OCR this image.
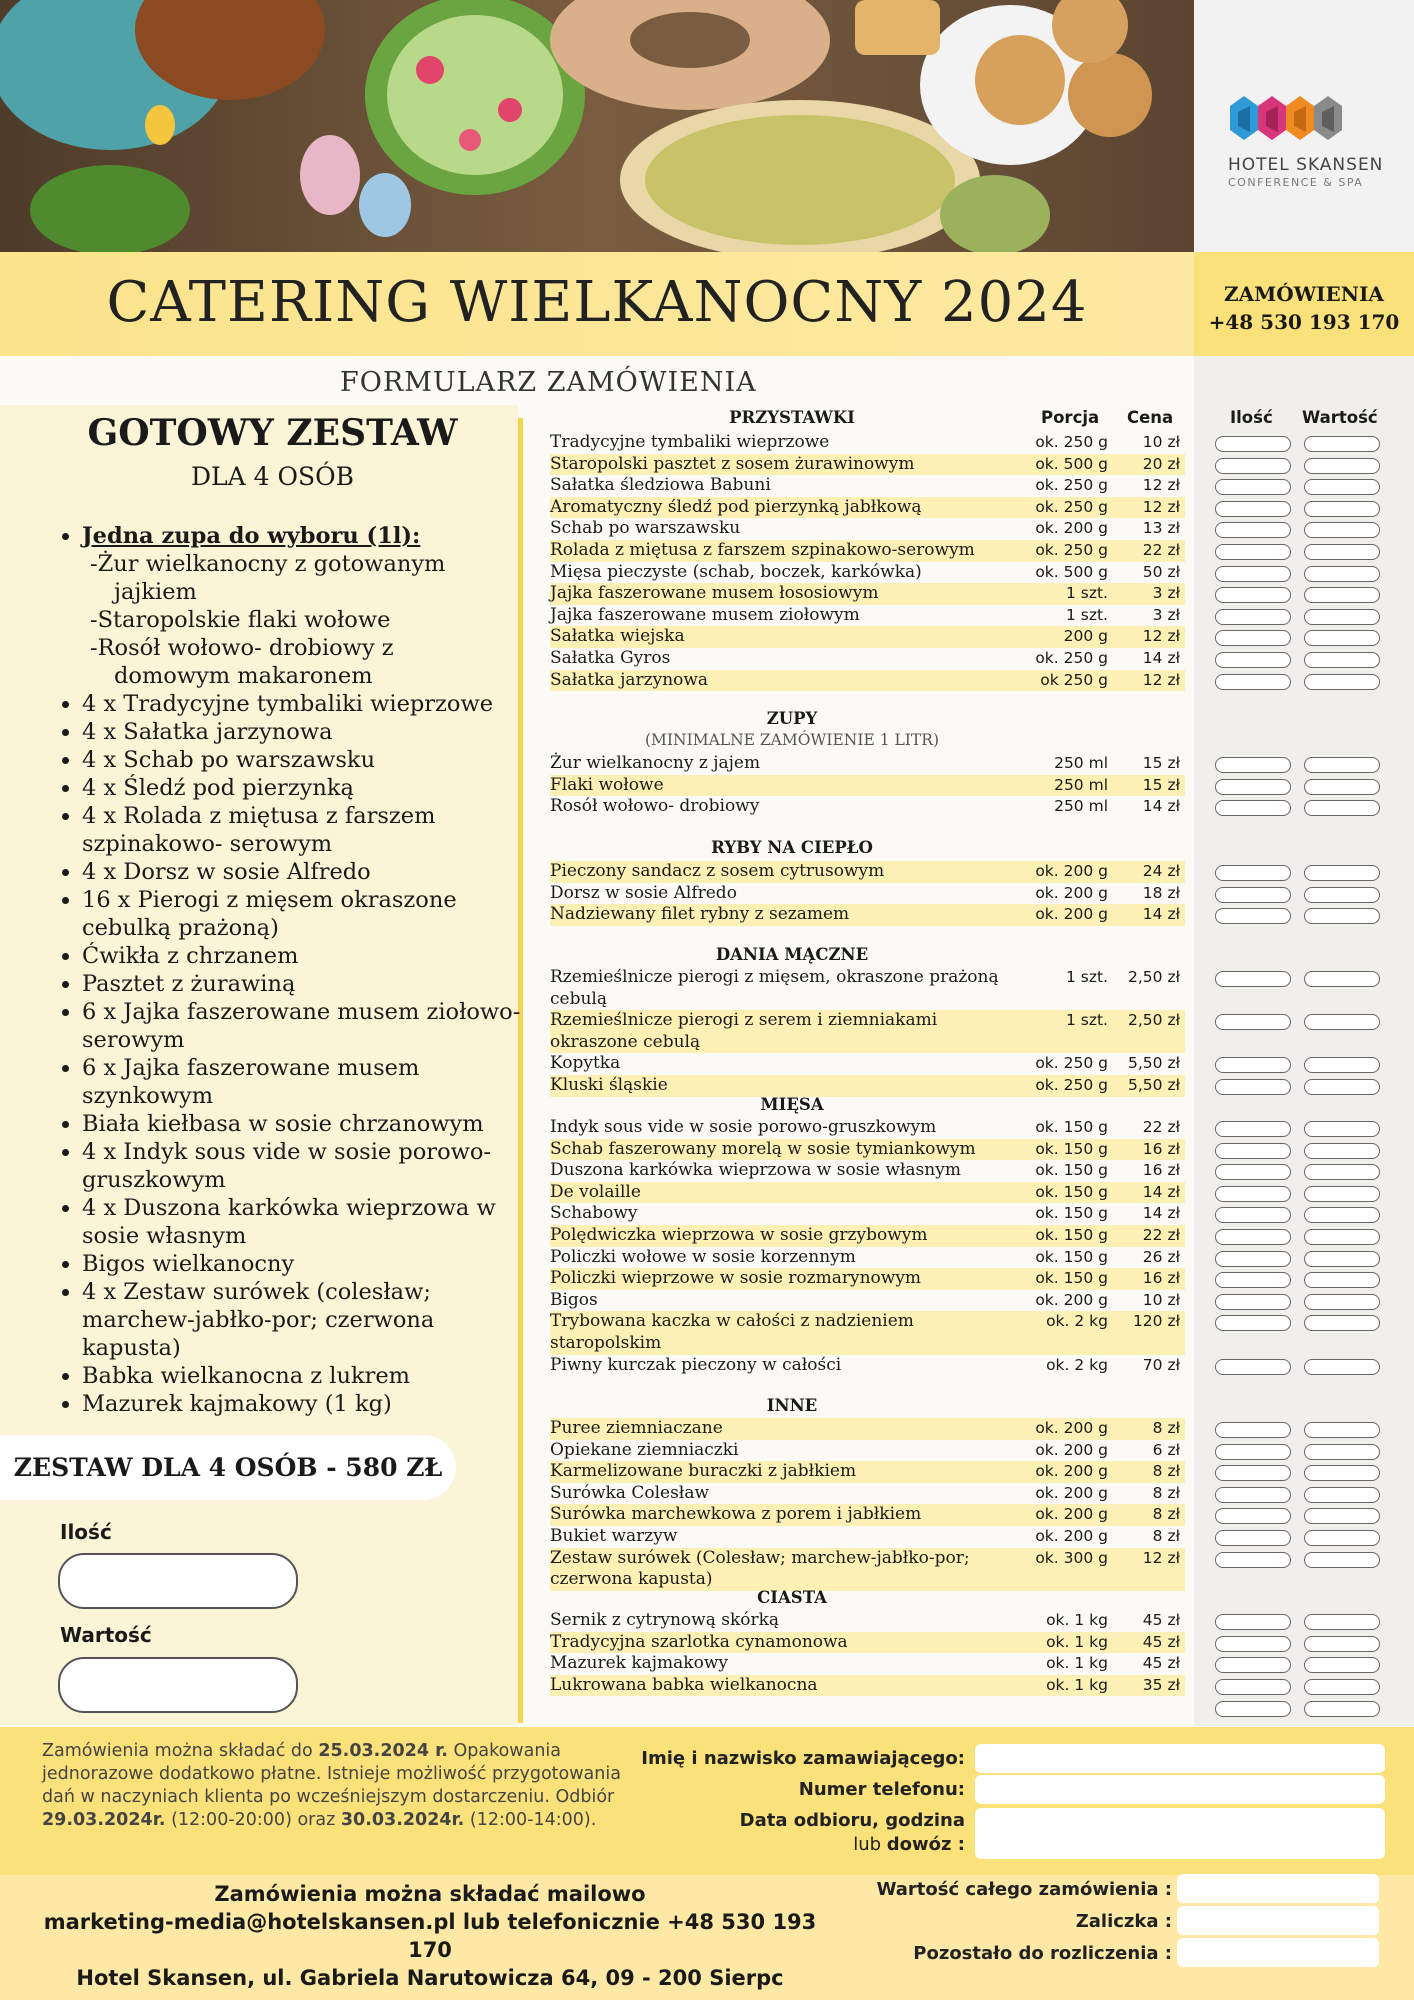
HOTEL SKANSEN
CONFERENCE & SPA
CATERING WIELKANOCNY 2024	ZAMÓWIENIA
+48 530 193 170
FORMULARZ ZAMÓWIENIA
GOTOWY ZESTAW
DLA 4 OSÓB
• Jedna zupa do wyboru (1l):
-Żur wielkanocny z gotowanym
jajkiem
-Staropolskie flaki wołowe
-Rosół wołowo- drobiowy z
domowym makaronem
• 4 x Tradycyjne tymbaliki wieprzowe
• 4 x Sałatka jarzynowa
• 4 x Schab po warszawsku
• 4 x Śledź pod pierzynką
• 4 x Rolada z miętusa z farszem szpinakowo- serowym
• 4 x Dorsz w sosie Alfredo
• 16 x Pierogi z mięsem okraszone cebulką prażoną)
• Ćwikła z chrzanem
• Pasztet z żurawiną
• 6 x Jajka faszerowane musem ziołowo-serowym
• 6 x Jajka faszerowane musem szynkowym
• Biała kiełbasa w sosie chrzanowym
• 4 x Indyk sous vide w sosie porowo-gruszkowym
• 4 x Duszona karkówka wieprzowa w sosie własnym
• Bigos wielkanocny
• 4 x Zestaw surówek (colesław; marchew-jabłko-por; czerwona kapusta)
• Babka wielkanocna z lukrem
• Mazurek kajmakowy (1 kg)
ZESTAW DLA 4 OSÓB - 580 ZŁ
Ilość
Wartość
Porcja Cena	Ilość Wartość
PRZYSTAWKI
Tradycyjne tymbaliki wieprzowe	ok. 250 g	10 zł
Staropolski pasztet z sosem żurawinowym	ok. 500 g	20 zł
Sałatka śledziowa Babuni	ok. 250 g	12 zł
Aromatyczny śledź pod pierzynką jabłkową	ok. 250 g	12 zł
Schab po warszawsku	ok. 200 g	13 zł
Rolada z miętusa z farszem szpinakowo-serowym	ok. 250 g	22 zł
Mięsa pieczyste (schab, boczek, karkówka)	ok. 500 g	50 zł
Jajka faszerowane musem łososiowym	1 szt.	3 zł
Jajka faszerowane musem ziołowym	1 szt.	3 zł
Sałatka wiejska	200 g	12 zł
Sałatka Gyros	ok. 250 g	14 zł
Sałatka jarzynowa	ok 250 g	12 zł
ZUPY
(MINIMALNE ZAMÓWIENIE 1 LITR)
Żur wielkanocny z jajem	250 ml	15 zł
Flaki wołowe	250 ml	15 zł
Rosół wołowo- drobiowy	250 ml	14 zł
RYBY NA CIEPŁO
Pieczony sandacz z sosem cytrusowym	ok. 200 g	24 zł
Dorsz w sosie Alfredo	ok. 200 g	18 zł
Nadziewany filet rybny z sezamem	ok. 200 g	14 zł
DANIA MĄCZNE
Rzemieślnicze pierogi z mięsem, okraszone prażoną cebulą
1 szt.	2,50 zł
Rzemieślnicze pierogi z serem i ziemniakami okraszone cebulą
1 szt.	2,50 zł
Kopytka	ok. 250 g	5,50 zł
Kluski śląskie	ok. 250 g	5,50 zł
MIĘSA
Indyk sous vide w sosie porowo-gruszkowym	ok. 150 g	22 zł
Schab faszerowany morelą w sosie tymiankowym	ok. 150 g	16 zł
Duszona karkówka wieprzowa w sosie własnym	ok. 150 g	16 zł
De volaille	ok. 150 g	14 zł
Schabowy	ok. 150 g	14 zł
Polędwiczka wieprzowa w sosie grzybowym	ok. 150 g	22 zł
Policzki wołowe w sosie korzennym	ok. 150 g	26 zł
Policzki wieprzowe w sosie rozmarynowym	ok. 150 g	16 zł
Bigos	ok. 200 g	10 zł
Trybowana kaczka w całości z nadzieniem staropolskim
ok. 2 kg	120 zł
Piwny kurczak pieczony w całości	ok. 2 kg	70 zł
INNE
Puree ziemniaczane	ok. 200 g	8 zł
Opiekane ziemniaczki	ok. 200 g	6 zł
Karmelizowane buraczki z jabłkiem	ok. 200 g	8 zł
Surówka Colesław	ok. 200 g	8 zł
Surówka marchewkowa z porem i jabłkiem	ok. 200 g	8 zł
Bukiet warzyw	ok. 200 g	8 zł
Zestaw surówek (Colesław; marchew-jabłko-por; czerwona kapusta)
ok. 300 g	12 zł
CIASTA
Sernik z cytrynową skórką	ok. 1 kg	45 zł
Tradycyjna szarlotka cynamonowa	ok. 1 kg	45 zł
Mazurek kajmakowy	ok. 1 kg	45 zł
Lukrowana babka wielkanocna	ok. 1 kg	35 zł
Zamówienia można składać do 25.03.2024 r. Opakowania jednorazowe dodatkowo płatne. Istnieje możliwość przygotowania dań w naczyniach klienta po wcześniejszym dostarczeniu. Odbiór 29.03.2024r. (12:00-20:00) oraz 30.03.2024r. (12:00-14:00).
Imię i nazwisko zamawiającego:
Numer telefonu:
Data odbioru, godzina
lub dowóz :
Zamówienia można składać mailowo
marketing-media@hotelskansen.pl lub telefonicznie +48 530 193 170
Hotel Skansen, ul. Gabriela Narutowicza 64, 09 - 200 Sierpc
Wartość całego zamówienia :
Zaliczka :
Pozostało do rozliczenia :
